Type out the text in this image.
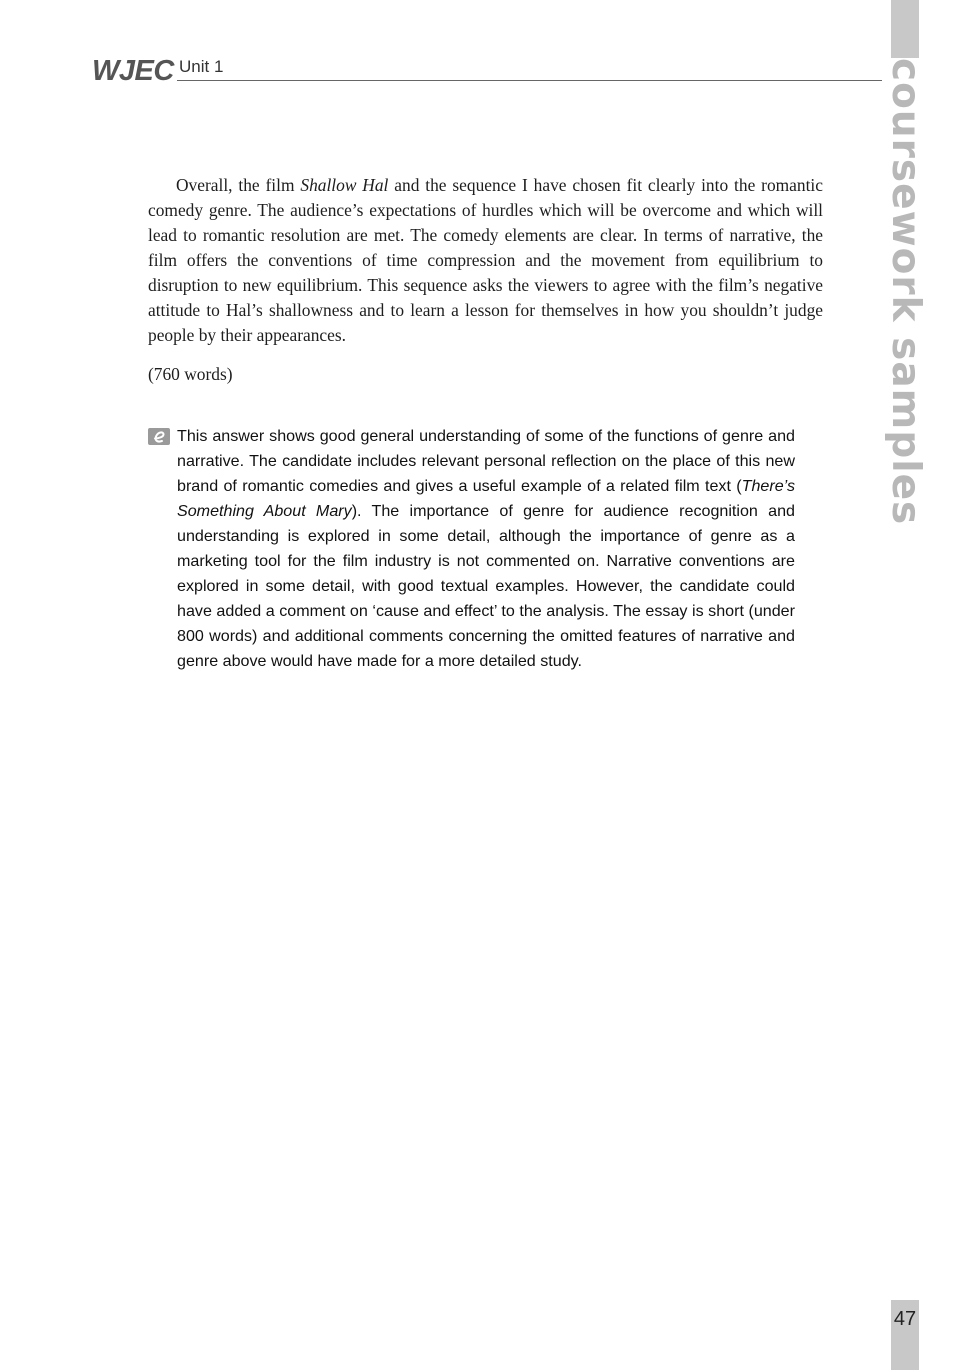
WJEC Unit 1	coursework samples

Overall, the film Shallow Hal and the sequence I have chosen fit clearly into the romantic comedy genre. The audience’s expectations of hurdles which will be overcome and which will lead to romantic resolution are met. The comedy elements are clear. In terms of narrative, the film offers the conventions of time compression and the movement from equilibrium to disruption to new equilibrium. This sequence asks the viewers to agree with the film’s negative attitude to Hal’s shallowness and to learn a lesson for themselves in how you shouldn’t judge people by their appearances.

(760 words)

This answer shows good general understanding of some of the functions of genre and narrative. The candidate includes relevant personal reflection on the place of this new brand of romantic comedies and gives a useful example of a related film text (There’s Something About Mary). The importance of genre for audience recognition and understanding is explored in some detail, although the importance of genre as a marketing tool for the film industry is not commented on. Narrative conventions are explored in some detail, with good textual examples. However, the candidate could have added a comment on ‘cause and effect’ to the analysis. The essay is short (under 800 words) and additional comments concerning the omitted features of narrative and genre above would have made for a more detailed study.

47
